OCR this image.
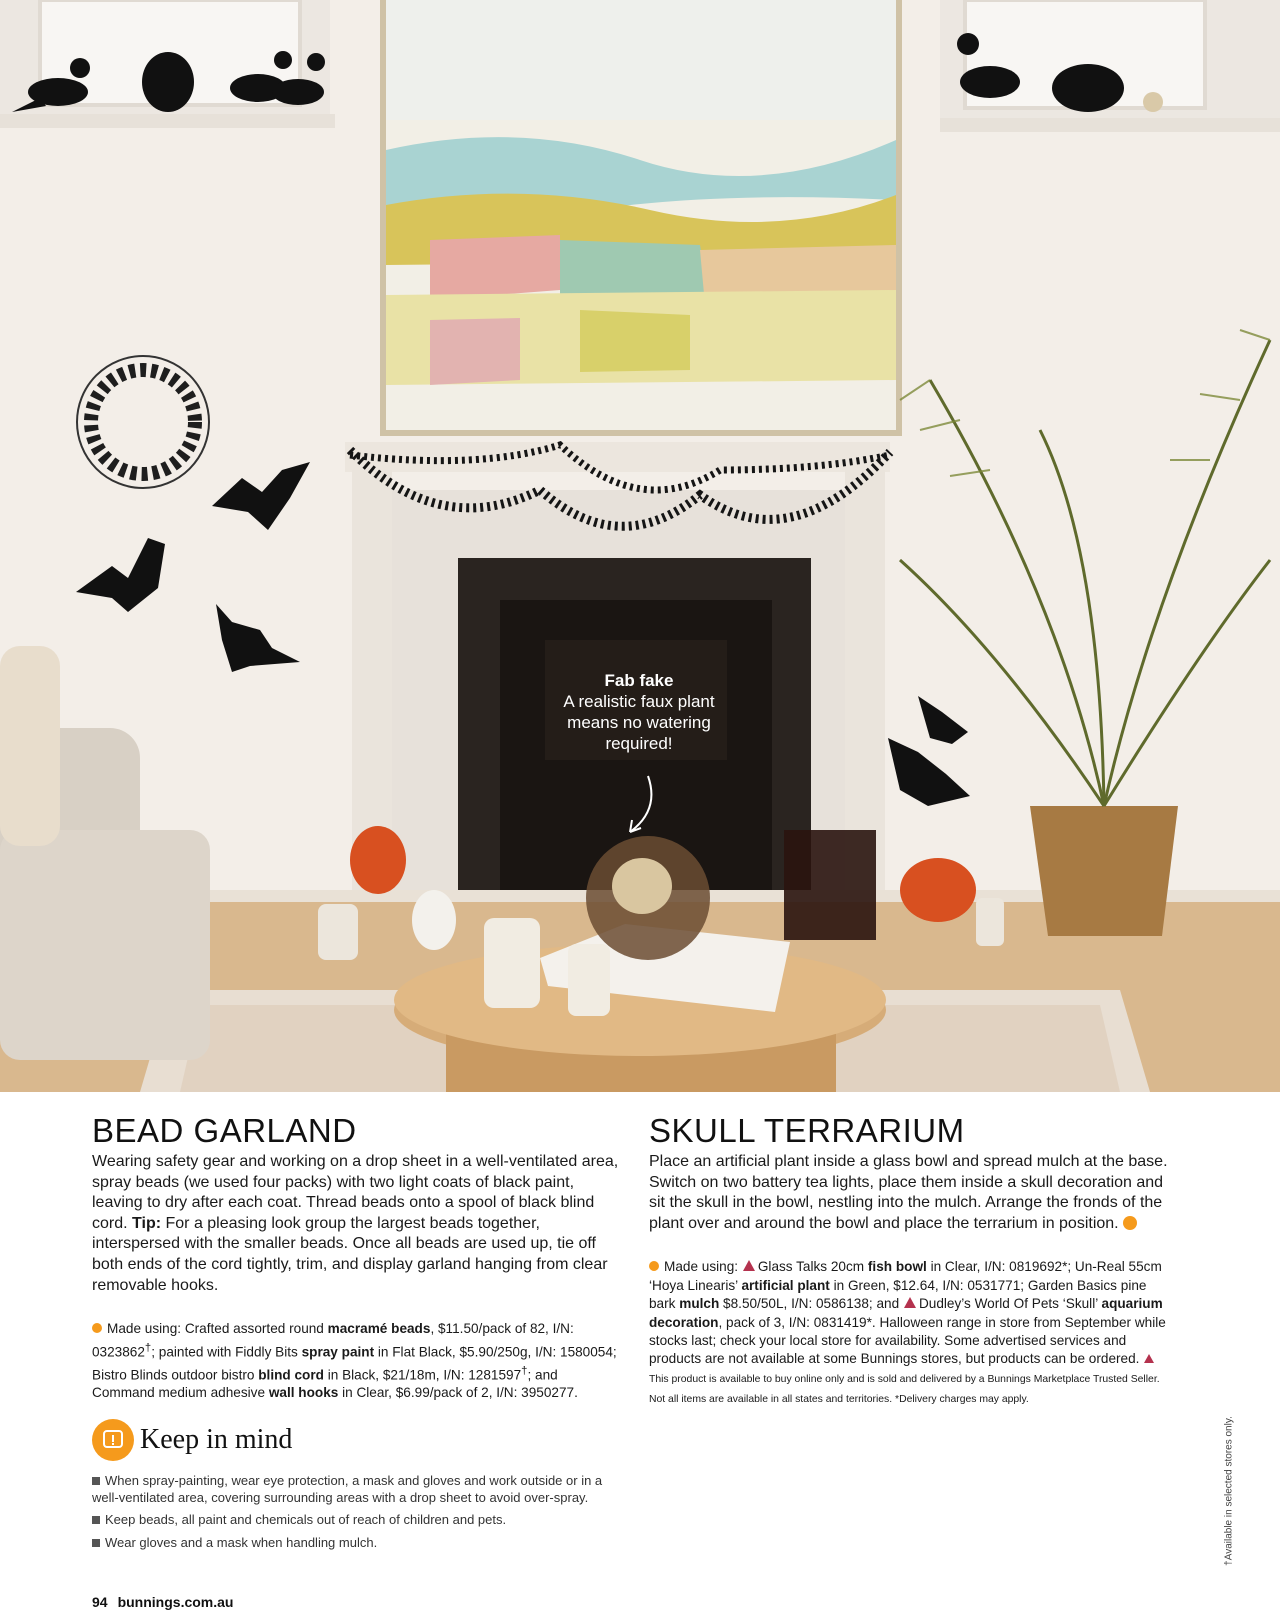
Fab fake
A realistic faux plant means no watering required!
BEAD GARLAND

Wearing safety gear and working on a drop sheet in a well-ventilated area, spray beads (we used four packs) with two light coats of black paint, leaving to dry after each coat. Thread beads onto a spool of black blind cord. Tip: For a pleasing look group the largest beads together, interspersed with the smaller beads. Once all beads are used up, tie off both ends of the cord tightly, trim, and display garland hanging from clear removable hooks.

Made using: Crafted assorted round macramé beads, $11.50/pack of 82, I/N: 0323862†; painted with Fiddly Bits spray paint in Flat Black, $5.90/250g, I/N: 1580054; Bistro Blinds outdoor bistro blind cord in Black, $21/18m, I/N: 1281597†; and Command medium adhesive wall hooks in Clear, $6.99/pack of 2, I/N: 3950277.

SKULL TERRARIUM

Place an artificial plant inside a glass bowl and spread mulch at the base. Switch on two battery tea lights, place them inside a skull decoration and sit the skull in the bowl, nestling into the mulch. Arrange the fronds of the plant over and around the bowl and place the terrarium in position.

Made using: Glass Talks 20cm fish bowl in Clear, I/N: 0819692*; Un-Real 55cm ‘Hoya Linearis’ artificial plant in Green, $12.64, I/N: 0531771; Garden Basics pine bark mulch $8.50/50L, I/N: 0586138; and Dudley’s World Of Pets ‘Skull’ aquarium decoration, pack of 3, I/N: 0831419*. Halloween range in store from September while stocks last; check your local store for availability. Some advertised services and products are not available at some Bunnings stores, but products can be ordered. This product is available to buy online only and is sold and delivered by a Bunnings Marketplace Trusted Seller. Not all items are available in all states and territories. *Delivery charges may apply.

Keep in mind
When spray-painting, wear eye protection, a mask and gloves and work outside or in a well-ventilated area, covering surrounding areas with a drop sheet to avoid over-spray.
Keep beads, all paint and chemicals out of reach of children and pets.
Wear gloves and a mask when handling mulch.
94 bunnings.com.au
†Available in selected stores only.
